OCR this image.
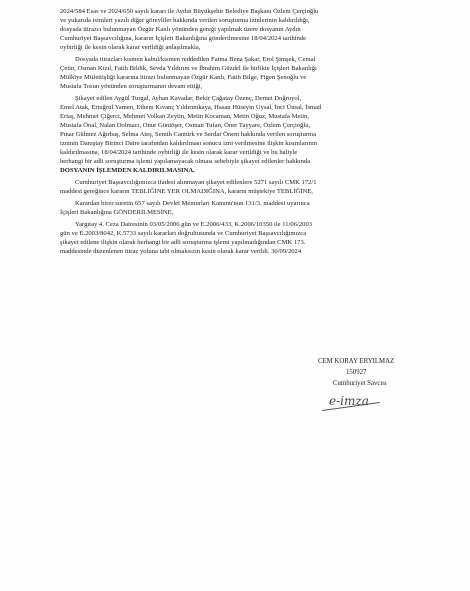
2024/584 Esas ve 2024/650 sayılı kararı ile Aydın Büyükşehir Belediye Başkanı Özlem Çerçioğlu
ve yukarıda isimleri yazılı diğer görevliler hakkında verilen soruşturma izinlerinin kaldırıldığı,
dosyada itirazcı bulunmayan Özgür Kanlı yönünden gereği yapılmak üzere dosyanın Aydın
Cumhuriyet Başsavcılığına, kararın İçişleri Bakanlığına gönderilmesine 18/04/2024 tarihinde
oybirliği ile kesin olarak karar verildiği anlaşılmakla,
Dosyada itirazları kısmen kabul/kısmen reddedilen Fatma Bena Şakar, Erol Şimşek, Cemal
Çetin, Osman Kızıl, Fatih Bildik, Sevda Yıldırım ve İbrahim Güzdel ile birlikte İçişleri Bakanlığı
Mülkiye Müfettişliği kararına itirazı bulunmayan Özgür Kanlı, Fatih Bilge, Figen Şenoğlu ve
Mustafa Tosun yönünden soruşturmanın devam ettiği,
Şikayet edilen Aygül Turgal, Ayhan Kavadar, Bekir Çağatay Özenç, Demet Doğruyol,
Emel Atak, Ertuğrul Yamen, Ethem Kıvanç Yıldırımkaya, Hasan Hüseyin Uysal, İnci Ünsal, İsmail
Ertaş, Mehmet Çiğerci, Mehmet Volkan Zeytin, Metin Kocaman, Metin Oğuz, Mustafa Metin,
Mustafa Önal, Nalan Dolmacı, Onur Güntöşer, Osman Tufan, Öner Tayyare, Özlem Çerçioğlu,
Pınar Gülmez Ağırbaş, Selma Ateş, Semih Cantürk ve Serdar Önem hakkında verilen soruşturma
izninin Danıştay Birinci Daire tarafından kaldırılması sonucu izni verilmesine ilişkin kısımlarının
kaldırılmasına, 18/04/2024 tarihinde oybirliği ile kesin olarak karar verildiği ve bu haliyle
herhangi bir adli soruşturma işlemi yapılamayacak olması sebebiyle şikayet edilenler hakkında
DOSYANIN İŞLEMDEN KALDIRILMASINA,
Cumhuriyet Başsavcılığımızca ifadesi alınmayan şikayet edilenlere 5271 sayılı CMK 172/1
maddesi gereğince kararın TEBLİĞİNE YER OLMADIĞINA, kararın müştekiye TEBLİĞİNE,
Karardan birer suretin 657 sayılı Devlet Memurları Kanunu'nun 131/3. maddesi uyarınca
İçişleri Bakanlığına GÖNDERİLMESİNE,
Yargıtay 4. Ceza Dairesinin 03/05/2006 gün ve E.2006/433, K.2006/10350 ile 11/06/2003
gün ve E.2003/8042, K.5733 sayılı kararları doğrultusunda ve Cumhuriyet Başsavcılığımızca
şikayet edilene ilişkin olarak herhangi bir adli soruşturma işlemi yapılmadığından CMK 173.
maddesinde düzenlenen itiraz yoluna tabi olmaksızın kesin olarak karar verildi. 30/09/2024
CEM KORAY ERYILMAZ
150927
Cumhuriyet Savcısı
e-imza
